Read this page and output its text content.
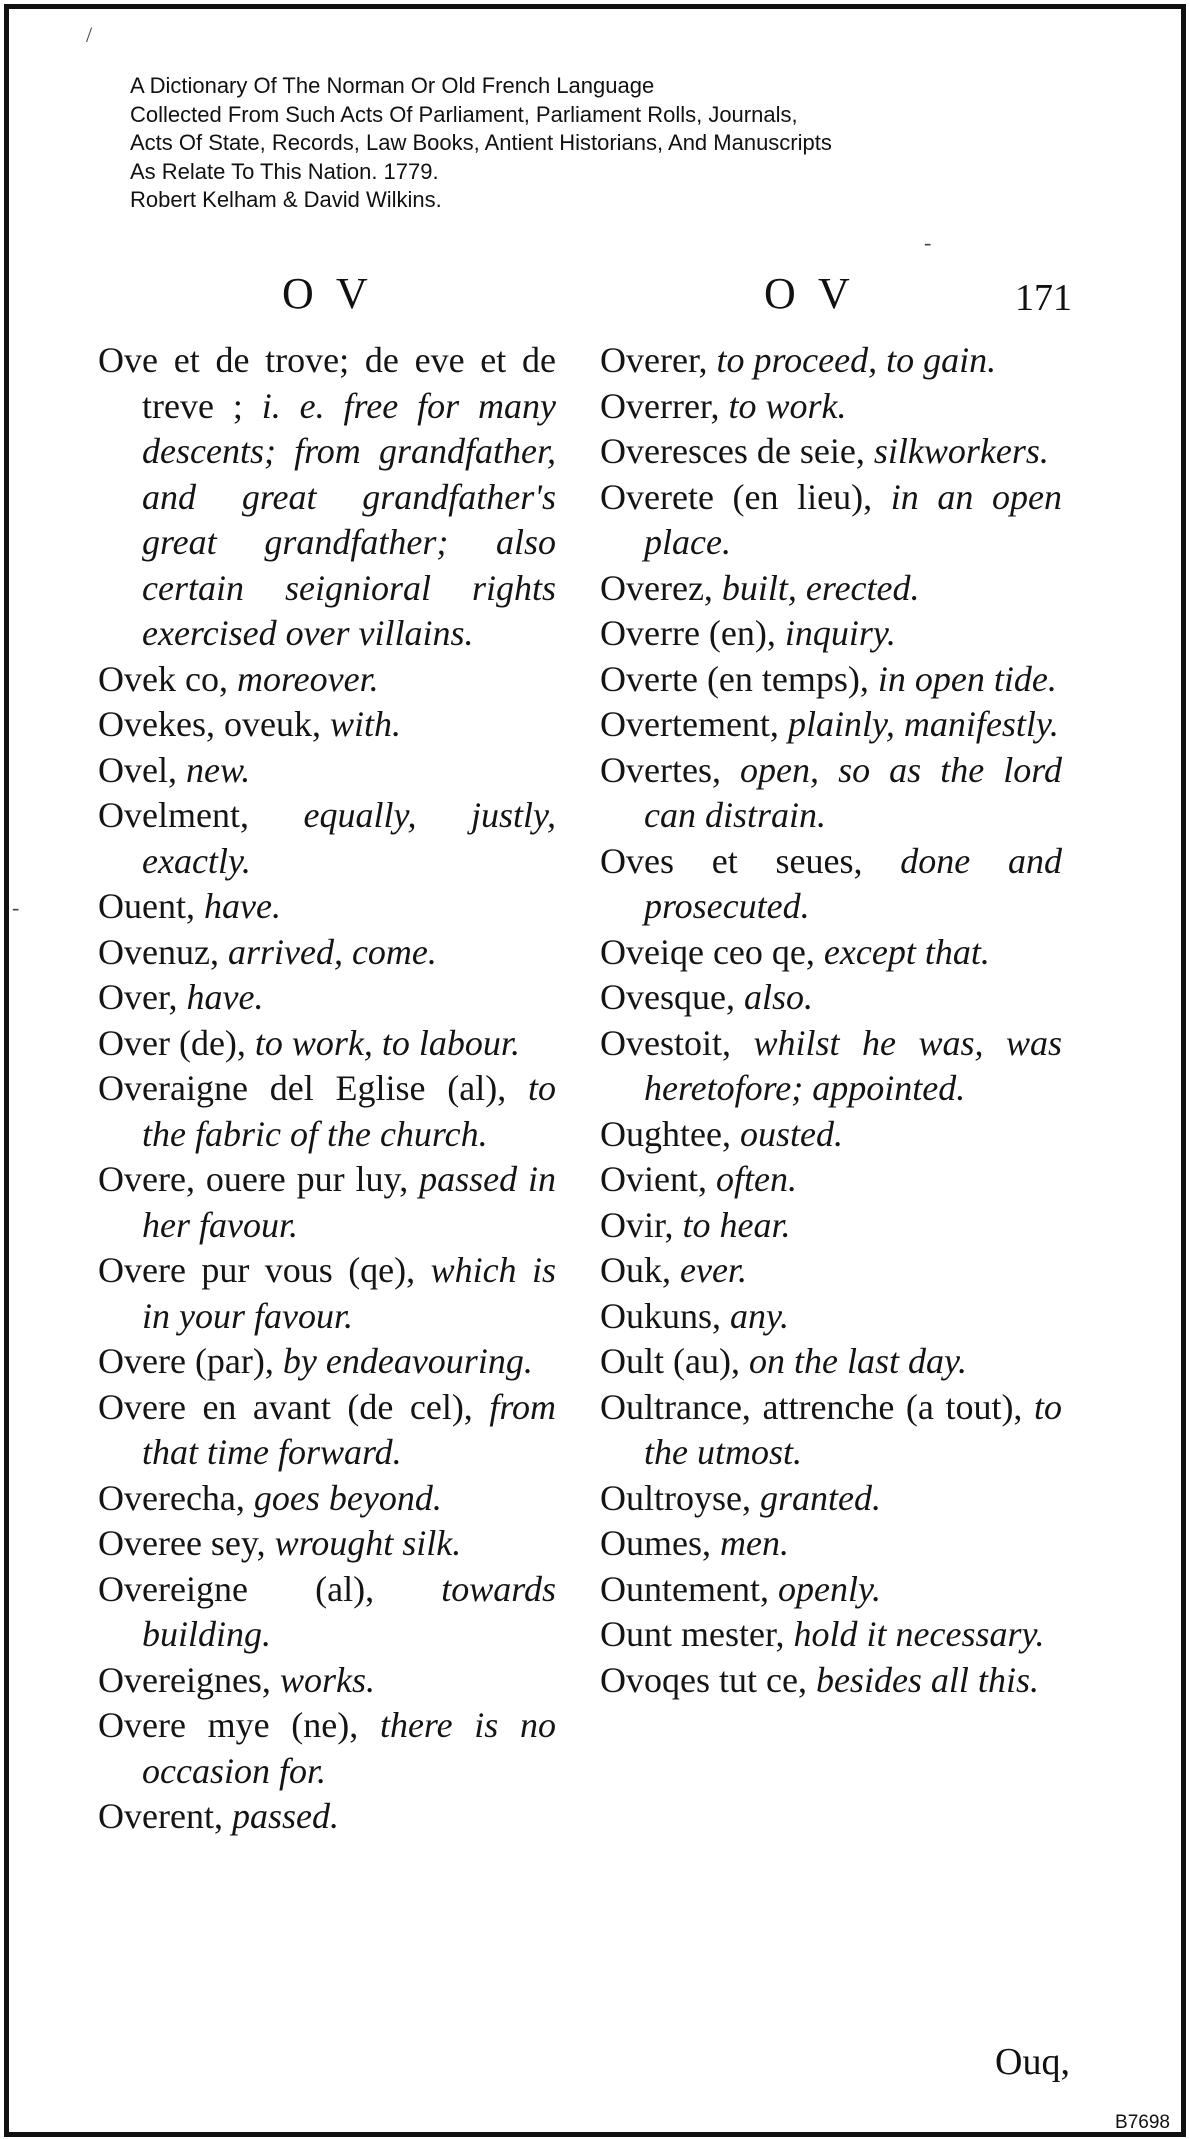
/
-
-
A Dictionary Of The Norman Or Old French Language
Collected From Such Acts Of Parliament, Parliament Rolls, Journals,
Acts Of State, Records, Law Books, Antient Historians, And Manuscripts
As Relate To This Nation. 1779.
Robert Kelham & David Wilkins.
O V	O V	171
Ove et de trove; de eve et de treve ; i. e. free for many descents; from grandfather, and great grandfather's great grandfather; also certain seignioral rights exercised over villains.
Ovek co, moreover.
Ovekes, oveuk, with.
Ovel, new.
Ovelment, equally, justly, exactly.
Ouent, have.
Ovenuz, arrived, come.
Over, have.
Over (de), to work, to labour.
Overaigne del Eglise (al), to the fabric of the church.
Overe, ouere pur luy, passed in her favour.
Overe pur vous (qe), which is in your favour.
Overe (par), by endeavouring.
Overe en avant (de cel), from that time forward.
Overecha, goes beyond.
Overee sey, wrought silk.
Overeigne (al), towards building.
Overeignes, works.
Overe mye (ne), there is no occasion for.
Overent, passed.
Overer, to proceed, to gain.
Overrer, to work.
Overesces de seie, silkworkers.
Overete (en lieu), in an open place.
Overez, built, erected.
Overre (en), inquiry.
Overte (en temps), in open tide.
Overtement, plainly, manifestly.
Overtes, open, so as the lord can distrain.
Oves et seues, done and prosecuted.
Oveiqe ceo qe, except that.
Ovesque, also.
Ovestoit, whilst he was, was heretofore; appointed.
Oughtee, ousted.
Ovient, often.
Ovir, to hear.
Ouk, ever.
Oukuns, any.
Oult (au), on the last day.
Oultrance, attrenche (a tout), to the utmost.
Oultroyse, granted.
Oumes, men.
Ountement, openly.
Ount mester, hold it necessary.
Ovoqes tut ce, besides all this.
Ouq,
B7698
